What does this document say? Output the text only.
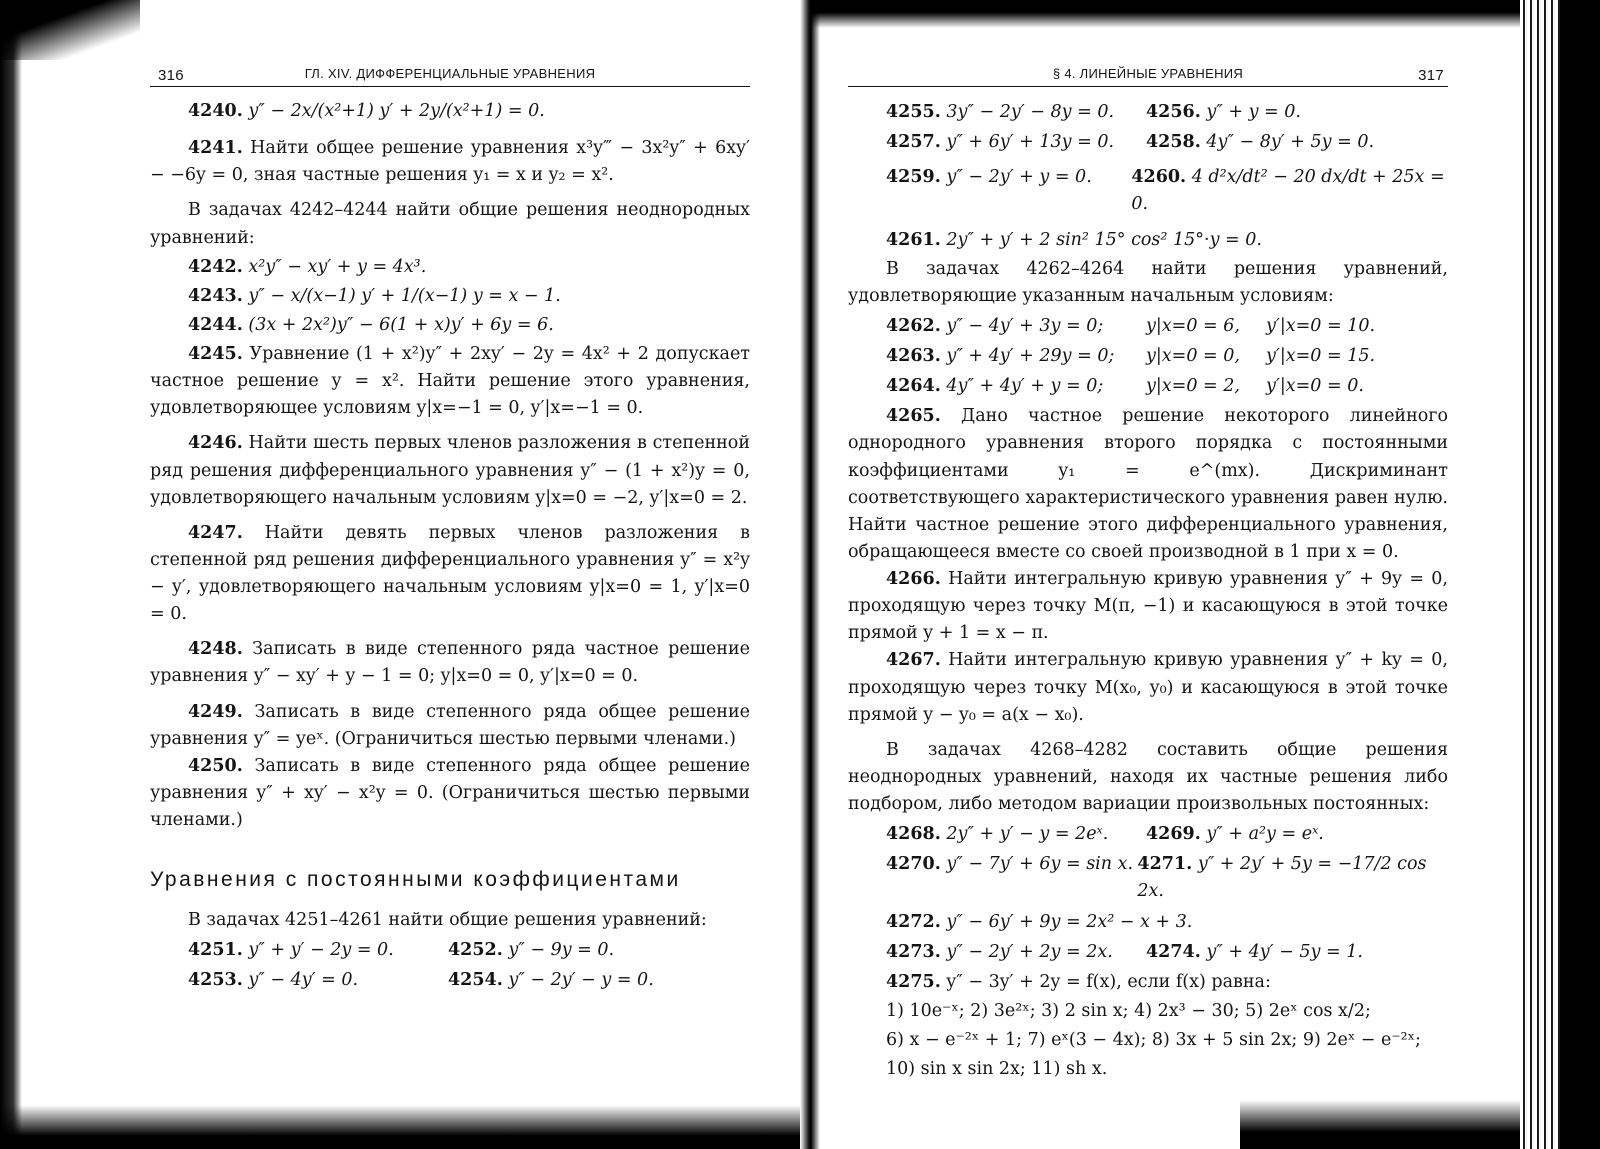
316	ГЛ. XIV. ДИФФЕРЕНЦИАЛЬНЫЕ УРАВНЕНИЯ

4240. y″ − 2x/(x²+1) y′ + 2y/(x²+1) = 0.

4241. Найти общее решение уравнения x³y‴ − 3x²y″ + 6xy′ − −6y = 0, зная частные решения y₁ = x и y₂ = x².

В задачах 4242–4244 найти общие решения неоднородных уравнений:

4242. x²y″ − xy′ + y = 4x³.

4243. y″ − x/(x−1) y′ + 1/(x−1) y = x − 1.

4244. (3x + 2x²)y″ − 6(1 + x)y′ + 6y = 6.

4245. Уравнение (1 + x²)y″ + 2xy′ − 2y = 4x² + 2 допускает частное решение y = x². Найти решение этого уравнения, удовлетворяющее условиям y|x=−1 = 0, y′|x=−1 = 0.

4246. Найти шесть первых членов разложения в степенной ряд решения дифференциального уравнения y″ − (1 + x²)y = 0, удовлетворяющего начальным условиям y|x=0 = −2, y′|x=0 = 2.

4247. Найти девять первых членов разложения в степенной ряд решения дифференциального уравнения y″ = x²y − y′, удовлетворяющего начальным условиям y|x=0 = 1, y′|x=0 = 0.

4248. Записать в виде степенного ряда частное решение уравнения y″ − xy′ + y − 1 = 0; y|x=0 = 0, y′|x=0 = 0.

4249. Записать в виде степенного ряда общее решение уравнения y″ = yeˣ. (Ограничиться шестью первыми членами.)

4250. Записать в виде степенного ряда общее решение уравнения y″ + xy′ − x²y = 0. (Ограничиться шестью первыми членами.)

Уравнения с постоянными коэффициентами

В задачах 4251–4261 найти общие решения уравнений:

4251. y″ + y′ − 2y = 0.	4252. y″ − 9y = 0.
4253. y″ − 4y′ = 0.	4254. y″ − 2y′ − y = 0.
§ 4. ЛИНЕЙНЫЕ УРАВНЕНИЯ	317
4255. 3y″ − 2y′ − 8y = 0.	4256. y″ + y = 0.
4257. y″ + 6y′ + 13y = 0.	4258. 4y″ − 8y′ + 5y = 0.
4259. y″ − 2y′ + y = 0.	4260. 4 d²x/dt² − 20 dx/dt + 25x = 0.

4261. 2y″ + y′ + 2 sin² 15° cos² 15°·y = 0.

В задачах 4262–4264 найти решения уравнений, удовлетворяющие указанным начальным условиям:

4262. y″ − 4y′ + 3y = 0;	y|x=0 = 6,	y′|x=0 = 10.
4263. y″ + 4y′ + 29y = 0;	y|x=0 = 0,	y′|x=0 = 15.
4264. 4y″ + 4y′ + y = 0;	y|x=0 = 2,	y′|x=0 = 0.

4265. Дано частное решение некоторого линейного однородного уравнения второго порядка с постоянными коэффициентами y₁ = e^(mx). Дискриминант соответствующего характеристического уравнения равен нулю. Найти частное решение этого дифференциального уравнения, обращающееся вместе со своей производной в 1 при x = 0.

4266. Найти интегральную кривую уравнения y″ + 9y = 0, проходящую через точку M(π, −1) и касающуюся в этой точке прямой y + 1 = x − π.

4267. Найти интегральную кривую уравнения y″ + ky = 0, проходящую через точку M(x₀, y₀) и касающуюся в этой точке прямой y − y₀ = a(x − x₀).

В задачах 4268–4282 составить общие решения неоднородных уравнений, находя их частные решения либо подбором, либо методом вариации произвольных постоянных:

4268. 2y″ + y′ − y = 2eˣ.	4269. y″ + a²y = eˣ.
4270. y″ − 7y′ + 6y = sin x. 4271. y″ + 2y′ + 5y = −17/2 cos 2x.

4272. y″ − 6y′ + 9y = 2x² − x + 3.

4273. y″ − 2y′ + 2y = 2x.	4274. y″ + 4y′ − 5y = 1.

4275. y″ − 3y′ + 2y = f(x), если f(x) равна:

1) 10e⁻ˣ; 2) 3e²ˣ; 3) 2 sin x; 4) 2x³ − 30; 5) 2eˣ cos x/2;

6) x − e⁻²ˣ + 1; 7) eˣ(3 − 4x); 8) 3x + 5 sin 2x; 9) 2eˣ − e⁻²ˣ;

10) sin x sin 2x; 11) sh x.
